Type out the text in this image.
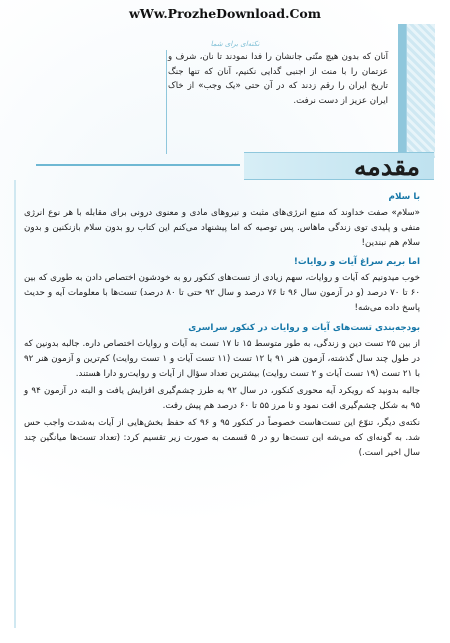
wWw.ProzheDownload.Com
نکته‌ای برای شما

آنان که بدون هیچ منّتی جانشان را فدا نمودند تا نان، شرف و عزتمان را با منت از اجنبی گدایی نکنیم، آنان که تنها جنگ تاریخ ایران را رقم زدند که در آن حتی «یک وجب» از خاک ایران عزیز از دست نرفت.

مقدمه
با سلام

«سلام» صفت خداوند که منبع انرژی‌های مثبت و نیروهای مادی و معنوی درونی برای مقابله با هر نوع انرژی منفی و پلیدی توی زندگی ماهاس. پس توصیه که اما پیشنهاد می‌کنم این کتاب رو بدون سلام بازنکنین و بدون سلام هم نبندین!

اما بریم سراغ آیات و روایات!

خوب میدونیم که آیات و روایات، سهم زیادی از تست‌های کنکور رو به خودشون اختصاص دادن به طوری که بین ۶۰ تا ۷۰ درصد (و در آزمون سال ۹۶ تا ۷۶ درصد و سال ۹۲ حتی تا ۸۰ درصد) تست‌ها با معلومات آیه و حدیث پاسخ داده می‌شه!

بودجه‌بندی تست‌های آیات و روایات در کنکور سراسری

از بین ۲۵ تست دین و زندگی، به طور متوسط ۱۵ تا ۱۷ تست به آیات و روایات اختصاص داره. جالبه بدونین که در طول چند سال گذشته، آزمون هنر ۹۱ با ۱۲ تست (۱۱ تست آیات و ۱ تست روایت) کم‌ترین و آزمون هنر ۹۲ با ۲۱ تست (۱۹ تست آیات و ۲ تست روایت) بیشترین تعداد سؤال از آیات و روایت‌رو دارا هستند.

جالبه بدونید که رویکرد آیه محوری کنکور، در سال ۹۲ به طرز چشم‌گیری افزایش یافت و البته در آزمون ۹۴ و ۹۵ به شکل چشم‌گیری افت نمود و تا مرز ۵۵ تا ۶۰ درصد هم پیش رفت.

نکته‌ی دیگر، تنوّع این تست‌هاست خصوصاً در کنکور ۹۵ و ۹۶ که حفظ بخش‌هایی از آیات به‌شدت واجب حس شد. به گونه‌ای که می‌شه این تست‌ها رو در ۵ قسمت به صورت زیر تقسیم کرد: (تعداد تست‌ها میانگین چند سال اخیر است.)
